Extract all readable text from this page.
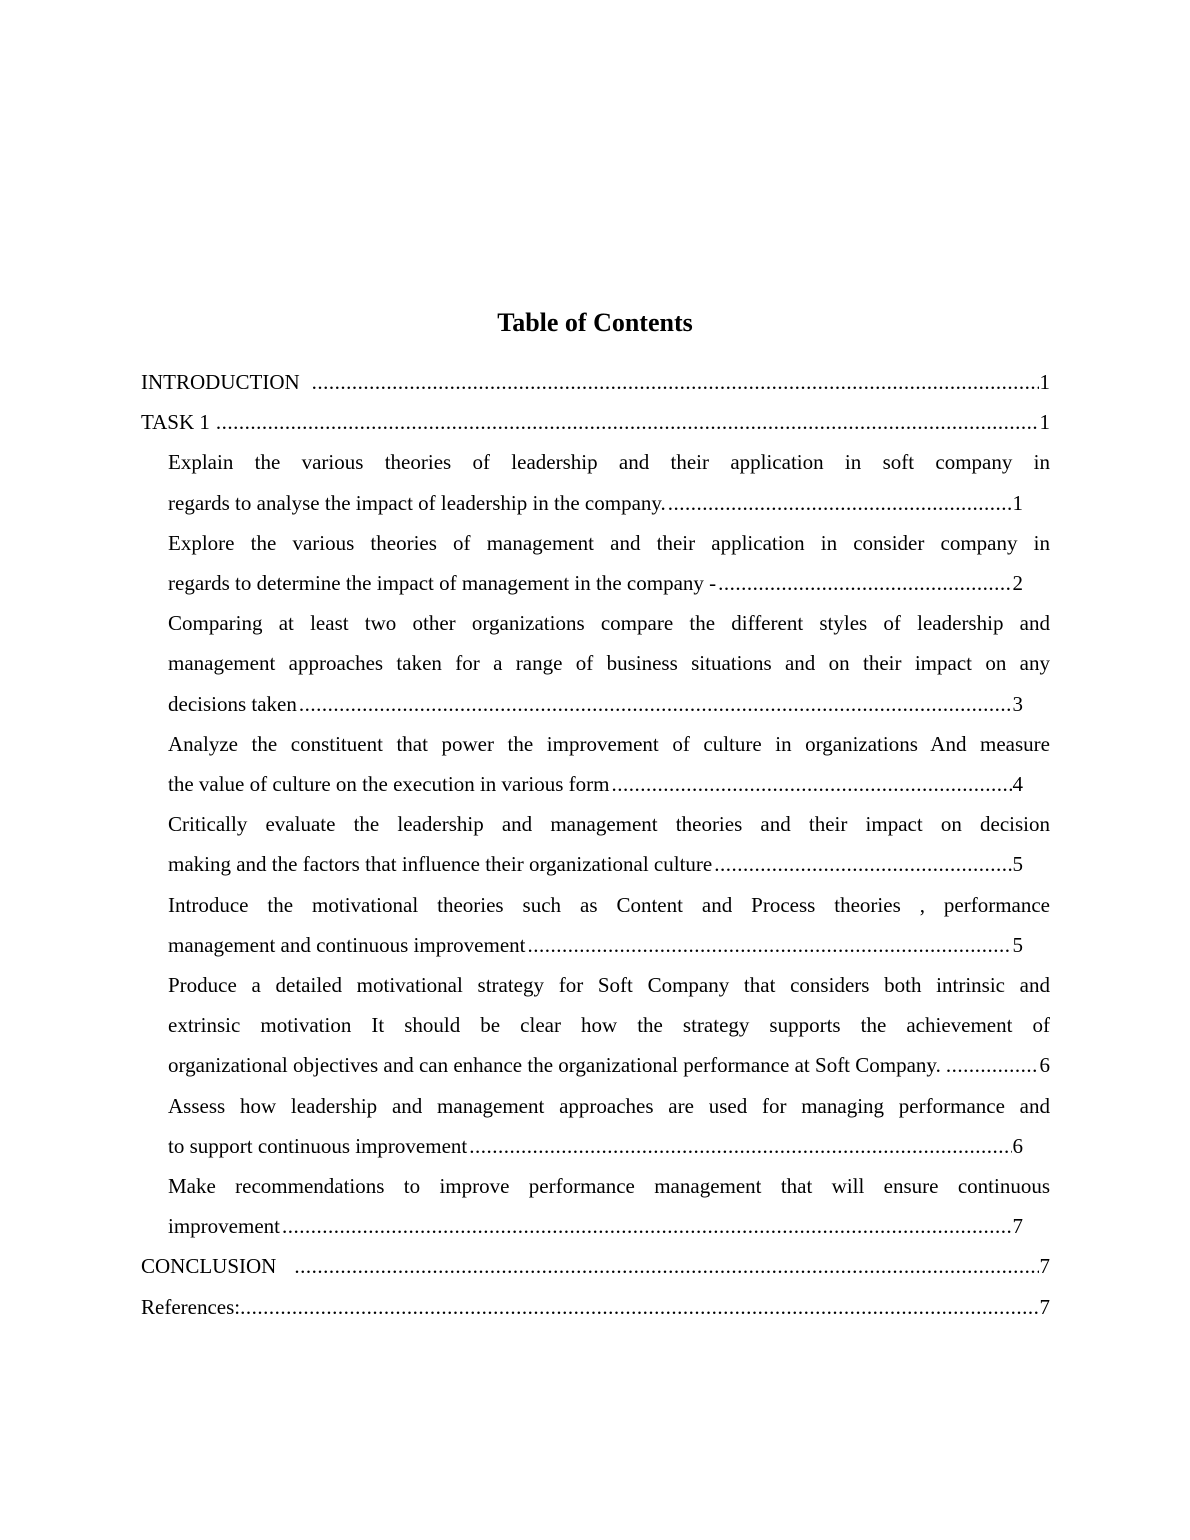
Table of Contents
INTRODUCTION .....	1
TASK 1 .....	1
Explain the various theories of leadership and their application in soft company in
regards to analyse the impact of leadership in the company. .....	1
Explore the various theories of management and their application in consider company in
regards to determine the impact of management in the company - .....	2
Comparing at least two other organizations compare the different styles of leadership and
management approaches taken for a range of business situations and on their impact on any
decisions taken .....	3
Analyze the constituent that power the improvement of culture in organizations And measure
the value of culture on the execution in various form .....	4
Critically evaluate the leadership and management theories and their impact on decision
making and the factors that influence their organizational culture .....	5
Introduce the motivational theories such as Content and Process theories , performance
management and continuous improvement .....	5
Produce a detailed motivational strategy for Soft Company that considers both intrinsic and
extrinsic motivation It should be clear how the strategy supports the achievement of
organizational objectives and can enhance the organizational performance at Soft Company. .....	6
Assess how leadership and management approaches are used for managing performance and
to support continuous improvement .....	6
Make recommendations to improve performance management that will ensure continuous
improvement .....	7
CONCLUSION .....	7
References: .....	7
